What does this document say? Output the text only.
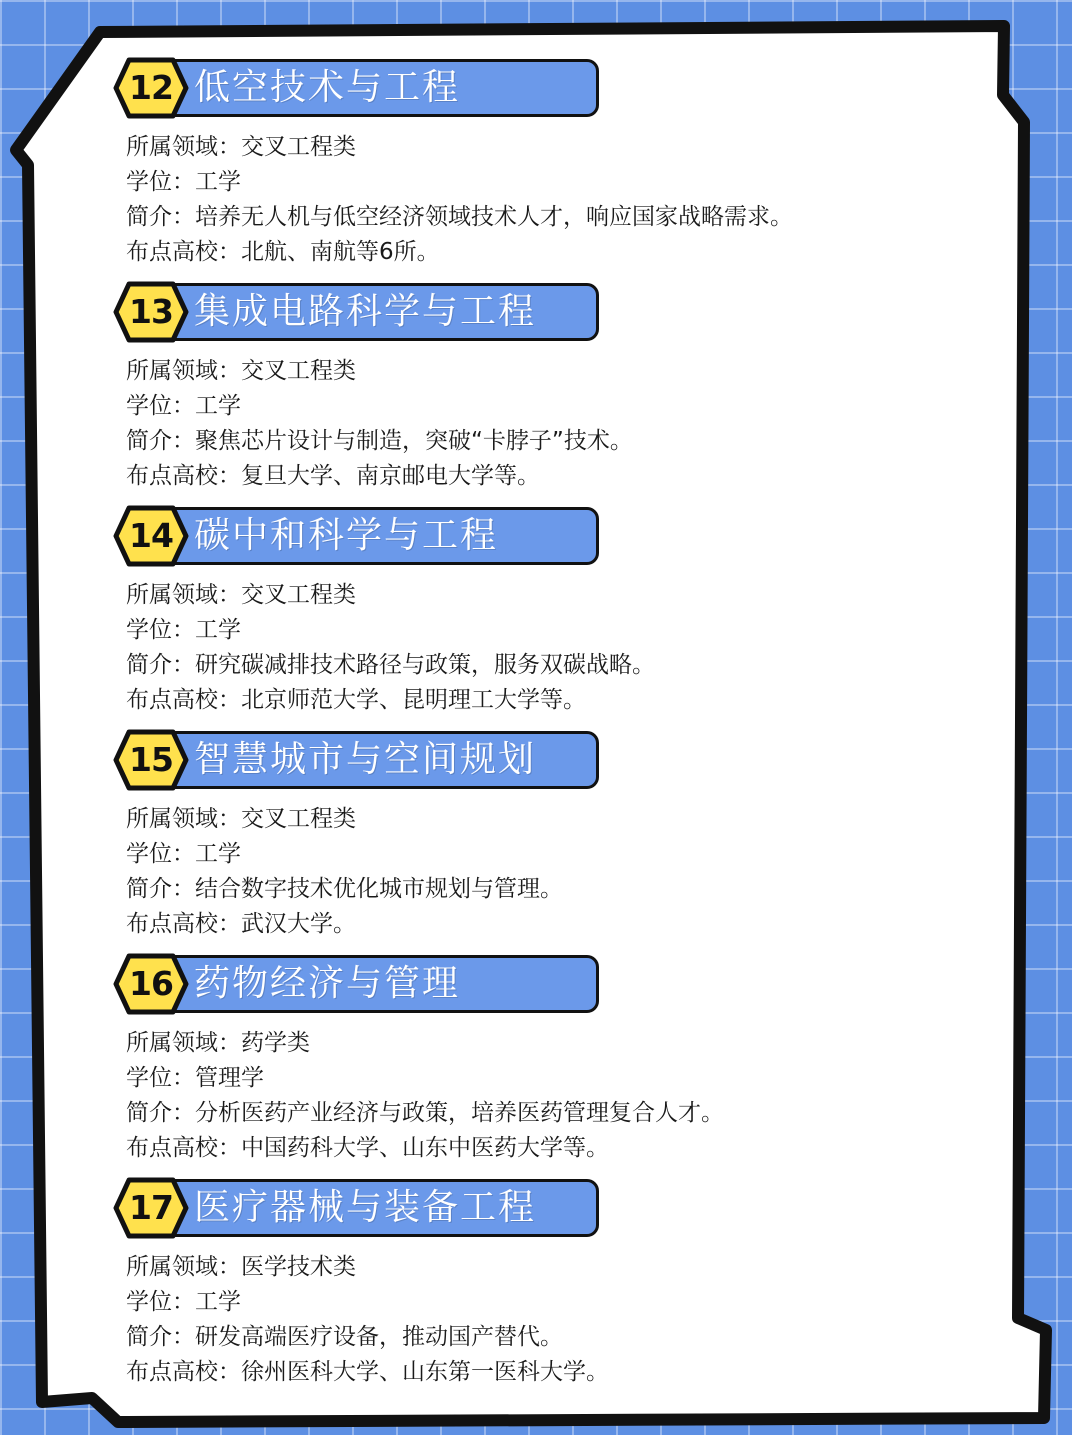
低空技术与工程
12
所属领域：交叉工程类
学位：工学
简介：培养无人机与低空经济领域技术人才，响应国家战略需求。
布点高校：北航、南航等6所。
集成电路科学与工程
13
所属领域：交叉工程类
学位：工学
简介：聚焦芯片设计与制造，突破“卡脖子”技术。
布点高校：复旦大学、南京邮电大学等。
碳中和科学与工程
14
所属领域：交叉工程类
学位：工学
简介：研究碳减排技术路径与政策，服务双碳战略。
布点高校：北京师范大学、昆明理工大学等。
智慧城市与空间规划
15
所属领域：交叉工程类
学位：工学
简介：结合数字技术优化城市规划与管理。
布点高校：武汉大学。
药物经济与管理
16
所属领域：药学类
学位：管理学
简介：分析医药产业经济与政策，培养医药管理复合人才。
布点高校：中国药科大学、山东中医药大学等。
医疗器械与装备工程
17
所属领域：医学技术类
学位：工学
简介：研发高端医疗设备，推动国产替代。
布点高校：徐州医科大学、山东第一医科大学。
